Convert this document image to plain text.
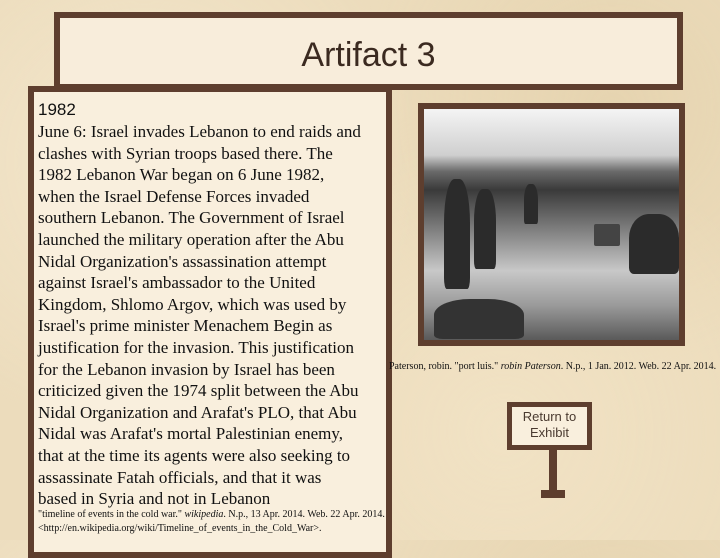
Artifact 3
1982
June 6: Israel invades Lebanon to end raids and
clashes with Syrian troops based there. The
1982 Lebanon War began on 6 June 1982,
when the Israel Defense Forces invaded
southern Lebanon. The Government of Israel
launched the military operation after the Abu
Nidal Organization's assassination attempt
against Israel's ambassador to the United
Kingdom, Shlomo Argov, which was used by
Israel's prime minister Menachem Begin as
justification for the invasion. This justification
for the Lebanon invasion by Israel has been
criticized given the 1974 split between the Abu
Nidal Organization and Arafat's PLO, that Abu
Nidal was Arafat's mortal Palestinian enemy,
that at the time its agents were also seeking to
assassinate Fatah officials, and that it was
based in Syria and not in Lebanon
"timeline of events in the cold war." wikipedia. N.p., 13 Apr. 2014. Web. 22 Apr. 2014. <http://en.wikipedia.org/wiki/Timeline_of_events_in_the_Cold_War>.
Paterson, robin. "port luis." robin Paterson. N.p., 1 Jan. 2012. Web. 22 Apr. 2014.
Return to
Exhibit
